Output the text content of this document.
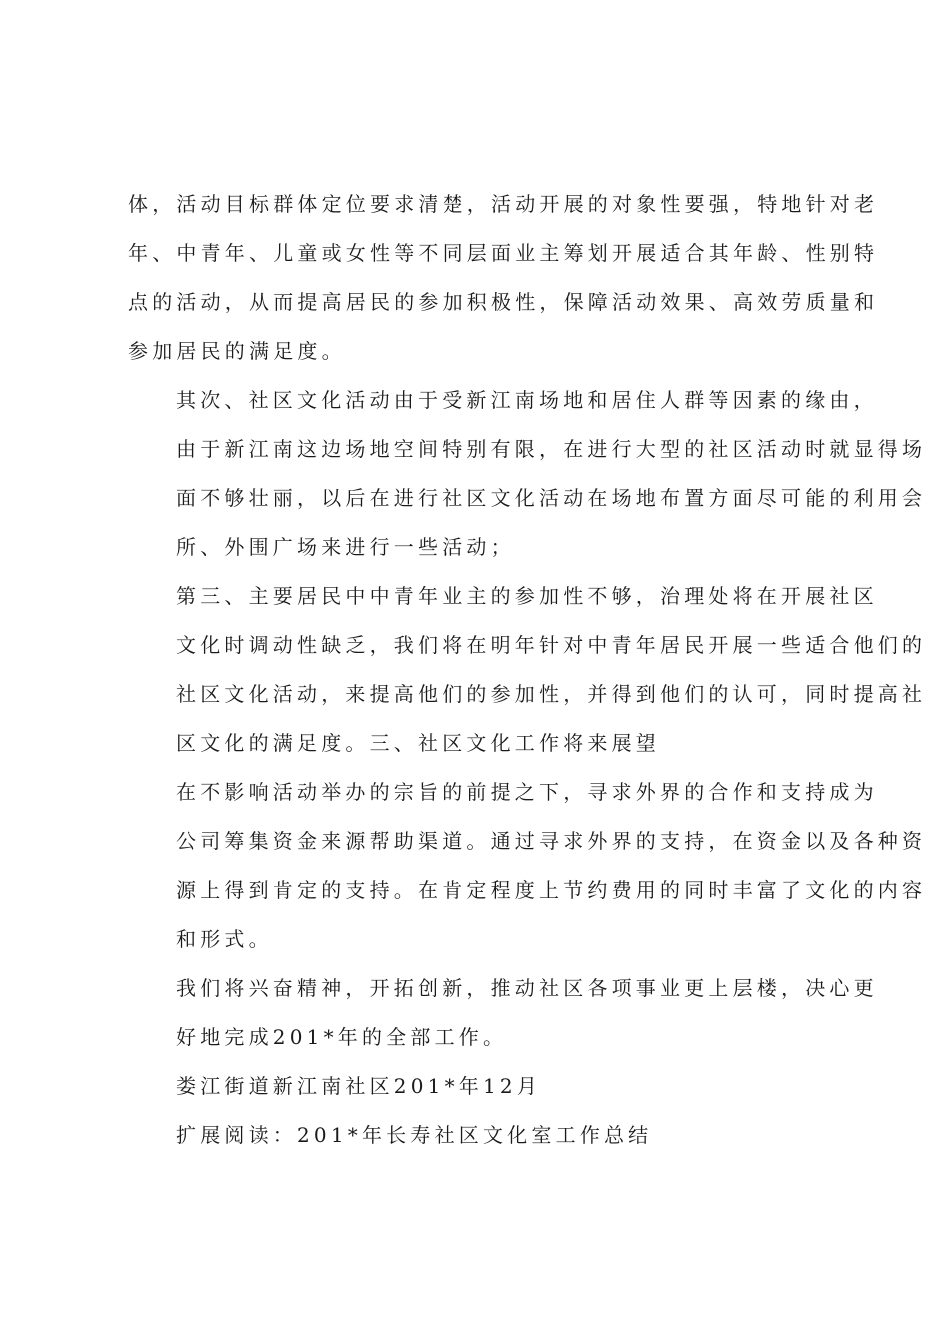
体，活动目标群体定位要求清楚，活动开展的对象性要强，特地针对老
年、中青年、儿童或女性等不同层面业主筹划开展适合其年龄、性别特
点的活动，从而提高居民的参加积极性，保障活动效果、高效劳质量和
参加居民的满足度。

其次、社区文化活动由于受新江南场地和居住人群等因素的缘由，
由于新江南这边场地空间特别有限，在进行大型的社区活动时就显得场
面不够壮丽，以后在进行社区文化活动在场地布置方面尽可能的利用会
所、外围广场来进行一些活动；

第三、主要居民中中青年业主的参加性不够，治理处将在开展社区
文化时调动性缺乏，我们将在明年针对中青年居民开展一些适合他们的
社区文化活动，来提高他们的参加性，并得到他们的认可，同时提高社
区文化的满足度。三、社区文化工作将来展望

在不影响活动举办的宗旨的前提之下，寻求外界的合作和支持成为
公司筹集资金来源帮助渠道。通过寻求外界的支持，在资金以及各种资
源上得到肯定的支持。在肯定程度上节约费用的同时丰富了文化的内容
和形式。

我们将兴奋精神，开拓创新，推动社区各项事业更上层楼，决心更
好地完成201*年的全部工作。

娄江街道新江南社区201*年12月

扩展阅读：201*年长寿社区文化室工作总结
